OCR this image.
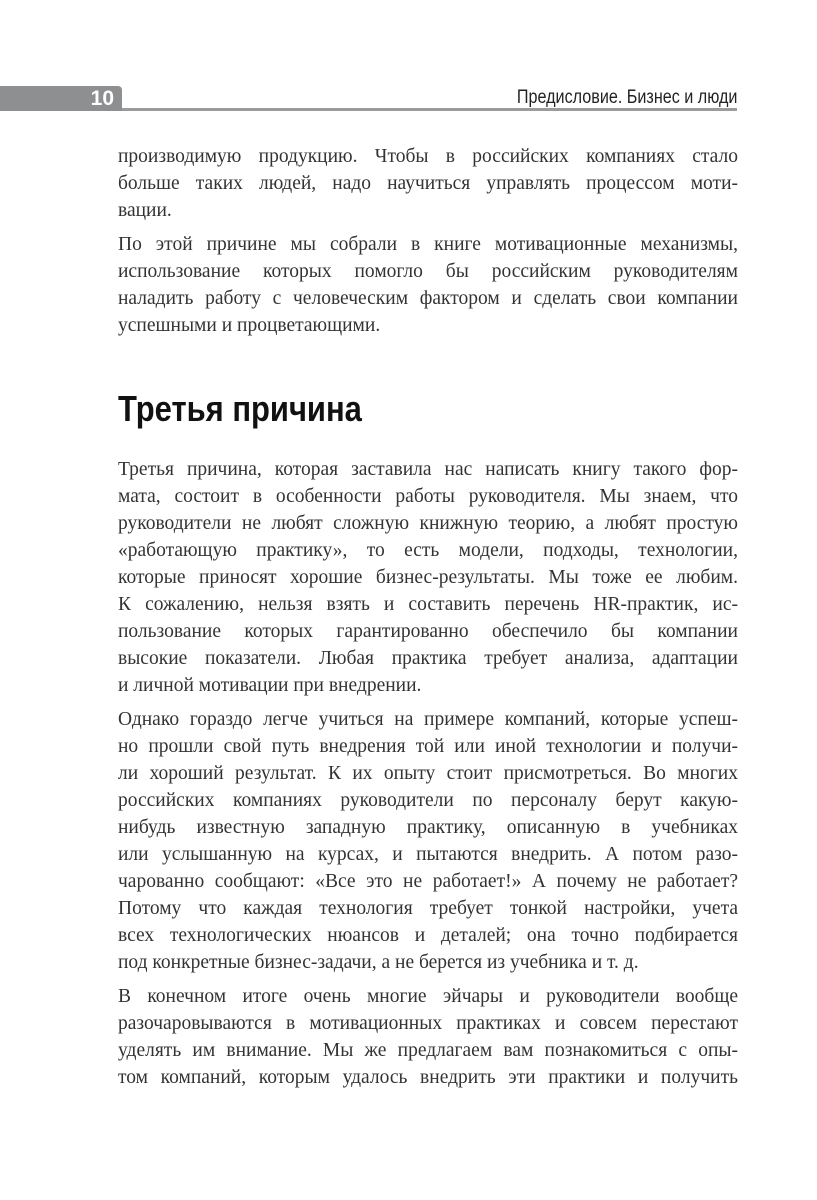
10	Предисловие. Бизнес и люди
производимую продукцию. Чтобы в российских компаниях стало
больше таких людей, надо научиться управлять процессом моти-
вации.
По этой причине мы собрали в книге мотивационные механизмы,
использование которых помогло бы российским руководителям
наладить работу с человеческим фактором и сделать свои компании
успешными и процветающими.
Третья причина
Третья причина, которая заставила нас написать книгу такого фор-
мата, состоит в особенности работы руководителя. Мы знаем, что
руководители не любят сложную книжную теорию, а любят простую
«работающую практику», то есть модели, подходы, технологии,
которые приносят хорошие бизнес-результаты. Мы тоже ее любим.
К сожалению, нельзя взять и составить перечень HR-практик, ис-
пользование которых гарантированно обеспечило бы компании
высокие показатели. Любая практика требует анализа, адаптации
и личной мотивации при внедрении.
Однако гораздо легче учиться на примере компаний, которые успеш-
но прошли свой путь внедрения той или иной технологии и получи-
ли хороший результат. К их опыту стоит присмотреться. Во многих
российских компаниях руководители по персоналу берут какую-
нибудь известную западную практику, описанную в учебниках
или услышанную на курсах, и пытаются внедрить. А потом разо-
чарованно сообщают: «Все это не работает!» А почему не работает?
Потому что каждая технология требует тонкой настройки, учета
всех технологических нюансов и деталей; она точно подбирается
под конкретные бизнес-задачи, а не берется из учебника и т. д.
В конечном итоге очень многие эйчары и руководители вообще
разочаровываются в мотивационных практиках и совсем перестают
уделять им внимание. Мы же предлагаем вам познакомиться с опы-
том компаний, которым удалось внедрить эти практики и получить
